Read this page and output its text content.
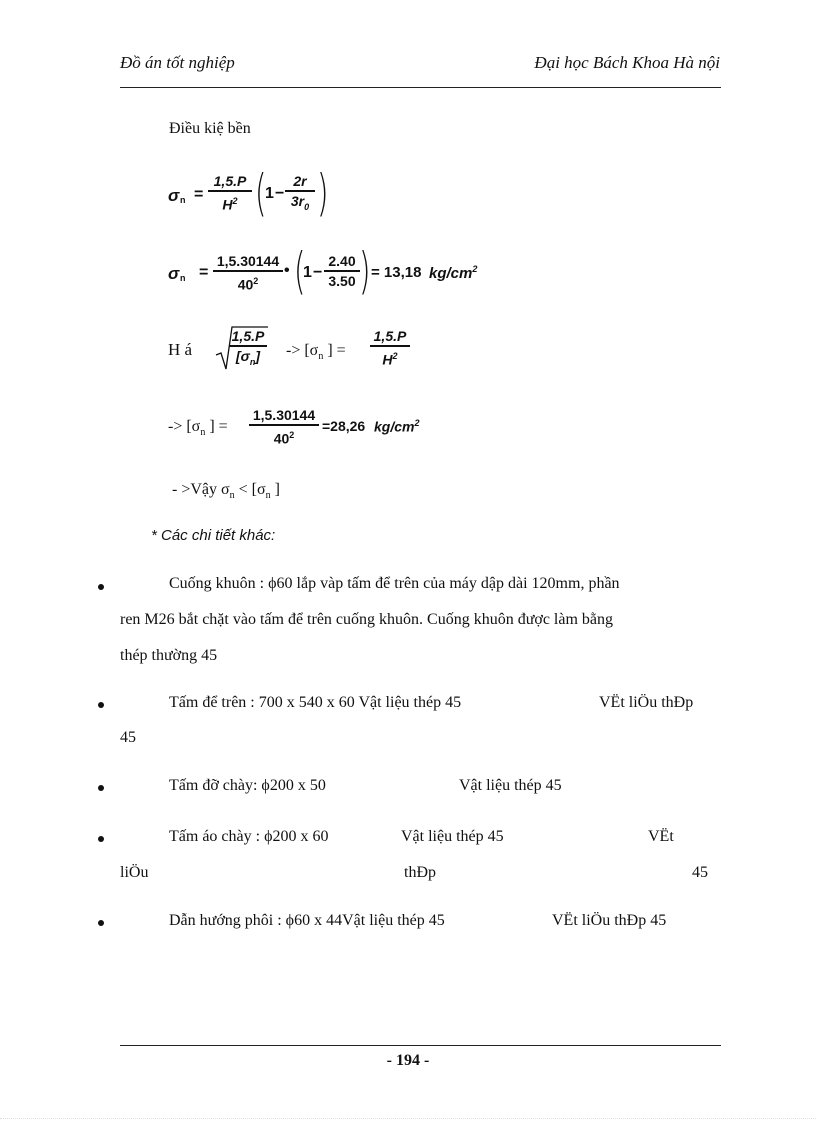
Đồ án tốt nghiệp	Đại học Bách Khoa Hà nội
Điều kiệ bền
σ n =
1,5.P
$H^2$ (
1 −
2r
$3r_0$ )
σ n =
1,5.30144
$40^2$
• (
1 −
2.40
3.50 ) = 13,18 $kg/cm^2$
H á
1,5.P
$[\sigma_n]$	-> [$\sigma_n$ ] =
1,5.P
$H^2$
-> [$\sigma_n$ ] =
1,5.30144
$40^2$
=28,26 $kg/cm^2$
- >Vậy $\sigma_n < [\sigma_n$ ]
* Các chi tiết khác:
Cuống khuôn : ϕ60 lắp vàp tấm để trên của máy dập dài 120mm, phần
ren M26 bắt chặt vào tấm để trên cuống khuôn. Cuống khuôn được làm bằng
thép thường 45
Tấm để trên : 700 x 540 x 60 Vật liệu thép 45	VËt liÖu thÐp
45
Tấm đỡ chày: ϕ200 x 50	Vật liệu thép 45
Tấm áo chày : ϕ200 x 60	Vật liệu thép 45	VËt
liÖu	thÐp	45
Dẫn hướng phôi : ϕ60 x 44Vật liệu thép 45	VËt liÖu thÐp 45
- 194 -
